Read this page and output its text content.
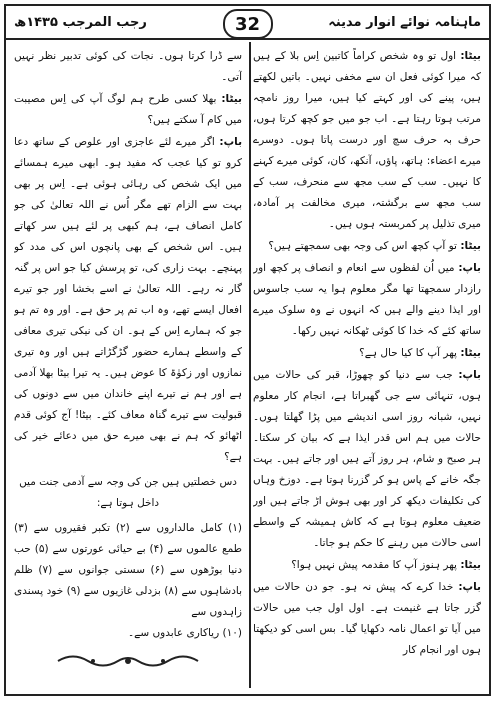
رجب المرجب ۱۴۳۵ھ	ماہنامہ نوائے انوار مدینہ
32

بیٹا: اول تو وہ شخص کراماً کاتبین اِس بلا کے ہیں کہ میرا کوئی فعل ان سے مخفی نہیں۔ باتیں لکھتے ہیں، پینے کی اور کہتے کیا ہیں، میرا روز نامچہ مرتب ہوتا رہتا ہے۔ اب جو میں جو کچھ کرتا ہوں، حرف بہ حرف سچ اور درست پاتا ہوں۔ دوسرے میرے اعضاء: ہاتھ، پاؤں، آنکھ، کان، کوئی میرے کہنے کا نہیں۔ سب کے سب مجھ سے منحرف، سب کے سب مجھ سے برگشتہ، میری مخالفت پر آمادہ، میری تذلیل پر کمربستہ ہوں ہیں۔

بیٹا: تو آپ کچھ اس کی وجہ بھی سمجھتے ہیں؟

باپ: میں اُن لفظوں سے انعام و انصاف پر کچھ اور رازدار سمجھتا تھا مگر معلوم ہوا یہ سب جاسوس اور ایذا دینے والے ہیں کہ انہوں نے وہ سلوک میرے ساتھ کئے کہ خدا کا کوئی ٹھکانہ نہیں رکھا۔

بیٹا: پھر آپ کا کیا حال ہے؟

باپ: جب سے دنیا کو چھوڑا، قبر کی حالات میں ہوں، تنہائی سے جی گھبراتا ہے، انجام کار معلوم نہیں، شبانہ روز اسی اندیشے میں پڑا گھلتا ہوں۔ حالات میں ہم اس قدر ایذا ہے کہ بیان کر سکتا۔ ہر صبح و شام، ہر روز آتے ہیں اور جاتے ہیں۔ بہت جگہ خانے کے پاس ہو کر گزرنا ہوتا ہے۔ دوزخ وہاں کی تکلیفات دیکھ کر اور بھی ہوش اڑ جاتے ہیں اور ضعیف معلوم ہوتا ہے کہ کاش ہمیشہ کے واسطے اسی حالات میں رہنے کا حکم ہو جاتا۔

بیٹا: پھر ہنوز آپ کا مقدمہ پیش نہیں ہوا؟

باپ: خدا کرے کہ پیش نہ ہو۔ جو دن حالات میں گزر جاتا ہے غنیمت ہے۔ اول اول جب میں حالات میں آیا تو اعمال نامہ دکھایا گیا۔ بس اسی کو دیکھتا ہوں اور انجام کار

سے ڈرا کرتا ہوں۔ نجات کی کوئی تدبیر نظر نہیں آتی۔

بیٹا: بھلا کسی طرح ہم لوگ آپ کی اِس مصیبت میں کام آ سکتے ہیں؟

باپ: اگر میرے لئے عاجزی اور علوص کے ساتھ دعا کرو تو کیا عجب کہ مفید ہو۔ ابھی میرے ہمسائے میں ایک شخص کی رہائی ہوئی ہے۔ اِس پر بھی بہت سے الزام تھے مگر اُس نے اللہ تعالیٰ کی جو کامل انصاف ہے، ہم کبھی پر لئے ہیں سر کھاتے ہیں۔ اس شخص کے بھی پانچوں اس کی مدد کو پہنچے۔ بہت زاری کی، تو پرسش کیا جو اس پر گنہ گار نہ رہے۔ اللہ تعالیٰ نے اسے بخشا اور جو تیرے افعال ایسے تھے، وہ اب تم پر حق ہے۔ اور وہ تم ہو جو کہ ہمارے اِس کے ہو۔ ان کی نیکی تیری معافی کے واسطے ہمارے حضور گڑگڑاتے ہیں اور وہ تیری نمازوں اور زکوٰۃ کا عوض ہیں۔ یہ تیرا بیٹا بھلا آدمی ہے اور ہم نے تیرے اپنے خاندان میں سے دونوں کی قبولیت سے تیرے گناہ معاف کئے۔ بیٹا! آج کوئی قدم اٹھائو کہ ہم نے بھی میرے حق میں دعائے خیر کی ہے؟

دس خصلتیں ہیں جن کی وجہ سے آدمی جنت میں داخل ہوتا ہے:

(۱) کامل مالداروں سے (۲) تکبر فقیروں سے (۳) طمع عالموں سے (۴) بے حیائی عورتوں سے (۵) حب دنیا بوڑھوں سے (۶) سستی جوانوں سے (۷) ظلم بادشاہوں سے (۸) بزدلی غازیوں سے (۹) خود پسندی زاہدوں سے
(۱۰) ریاکاری عابدوں سے۔
